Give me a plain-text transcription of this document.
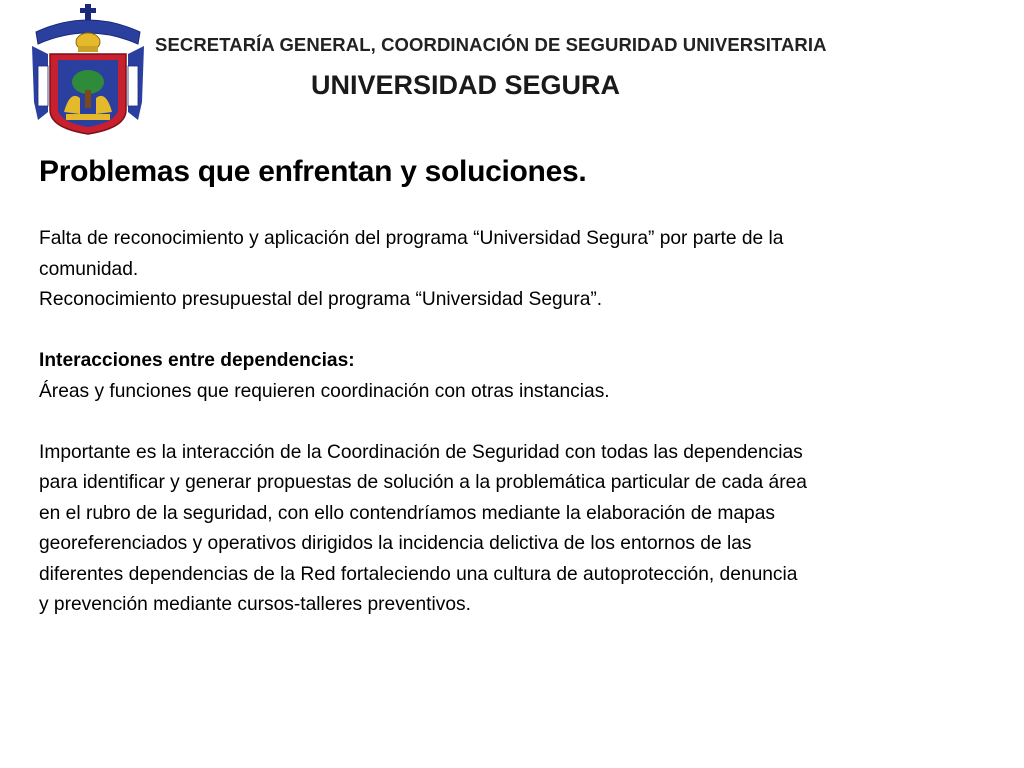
SECRETARÍA GENERAL, COORDINACIÓN DE SEGURIDAD UNIVERSITARIA
UNIVERSIDAD SEGURA
Problemas que enfrentan y soluciones.

Falta de reconocimiento y aplicación del programa “Universidad Segura” por parte de la

comunidad.

Reconocimiento presupuestal del programa “Universidad Segura”.

Interacciones entre dependencias:

Áreas y funciones que requieren coordinación con otras instancias.

Importante es la interacción de la Coordinación de Seguridad con todas las dependencias

para identificar y generar propuestas de solución a la problemática particular de cada área

en el rubro de la seguridad, con ello contendríamos mediante la elaboración de mapas

georeferenciados y operativos dirigidos la incidencia delictiva de los entornos de las

diferentes dependencias de la Red fortaleciendo una cultura de autoprotección, denuncia

y prevención mediante cursos-talleres preventivos.
